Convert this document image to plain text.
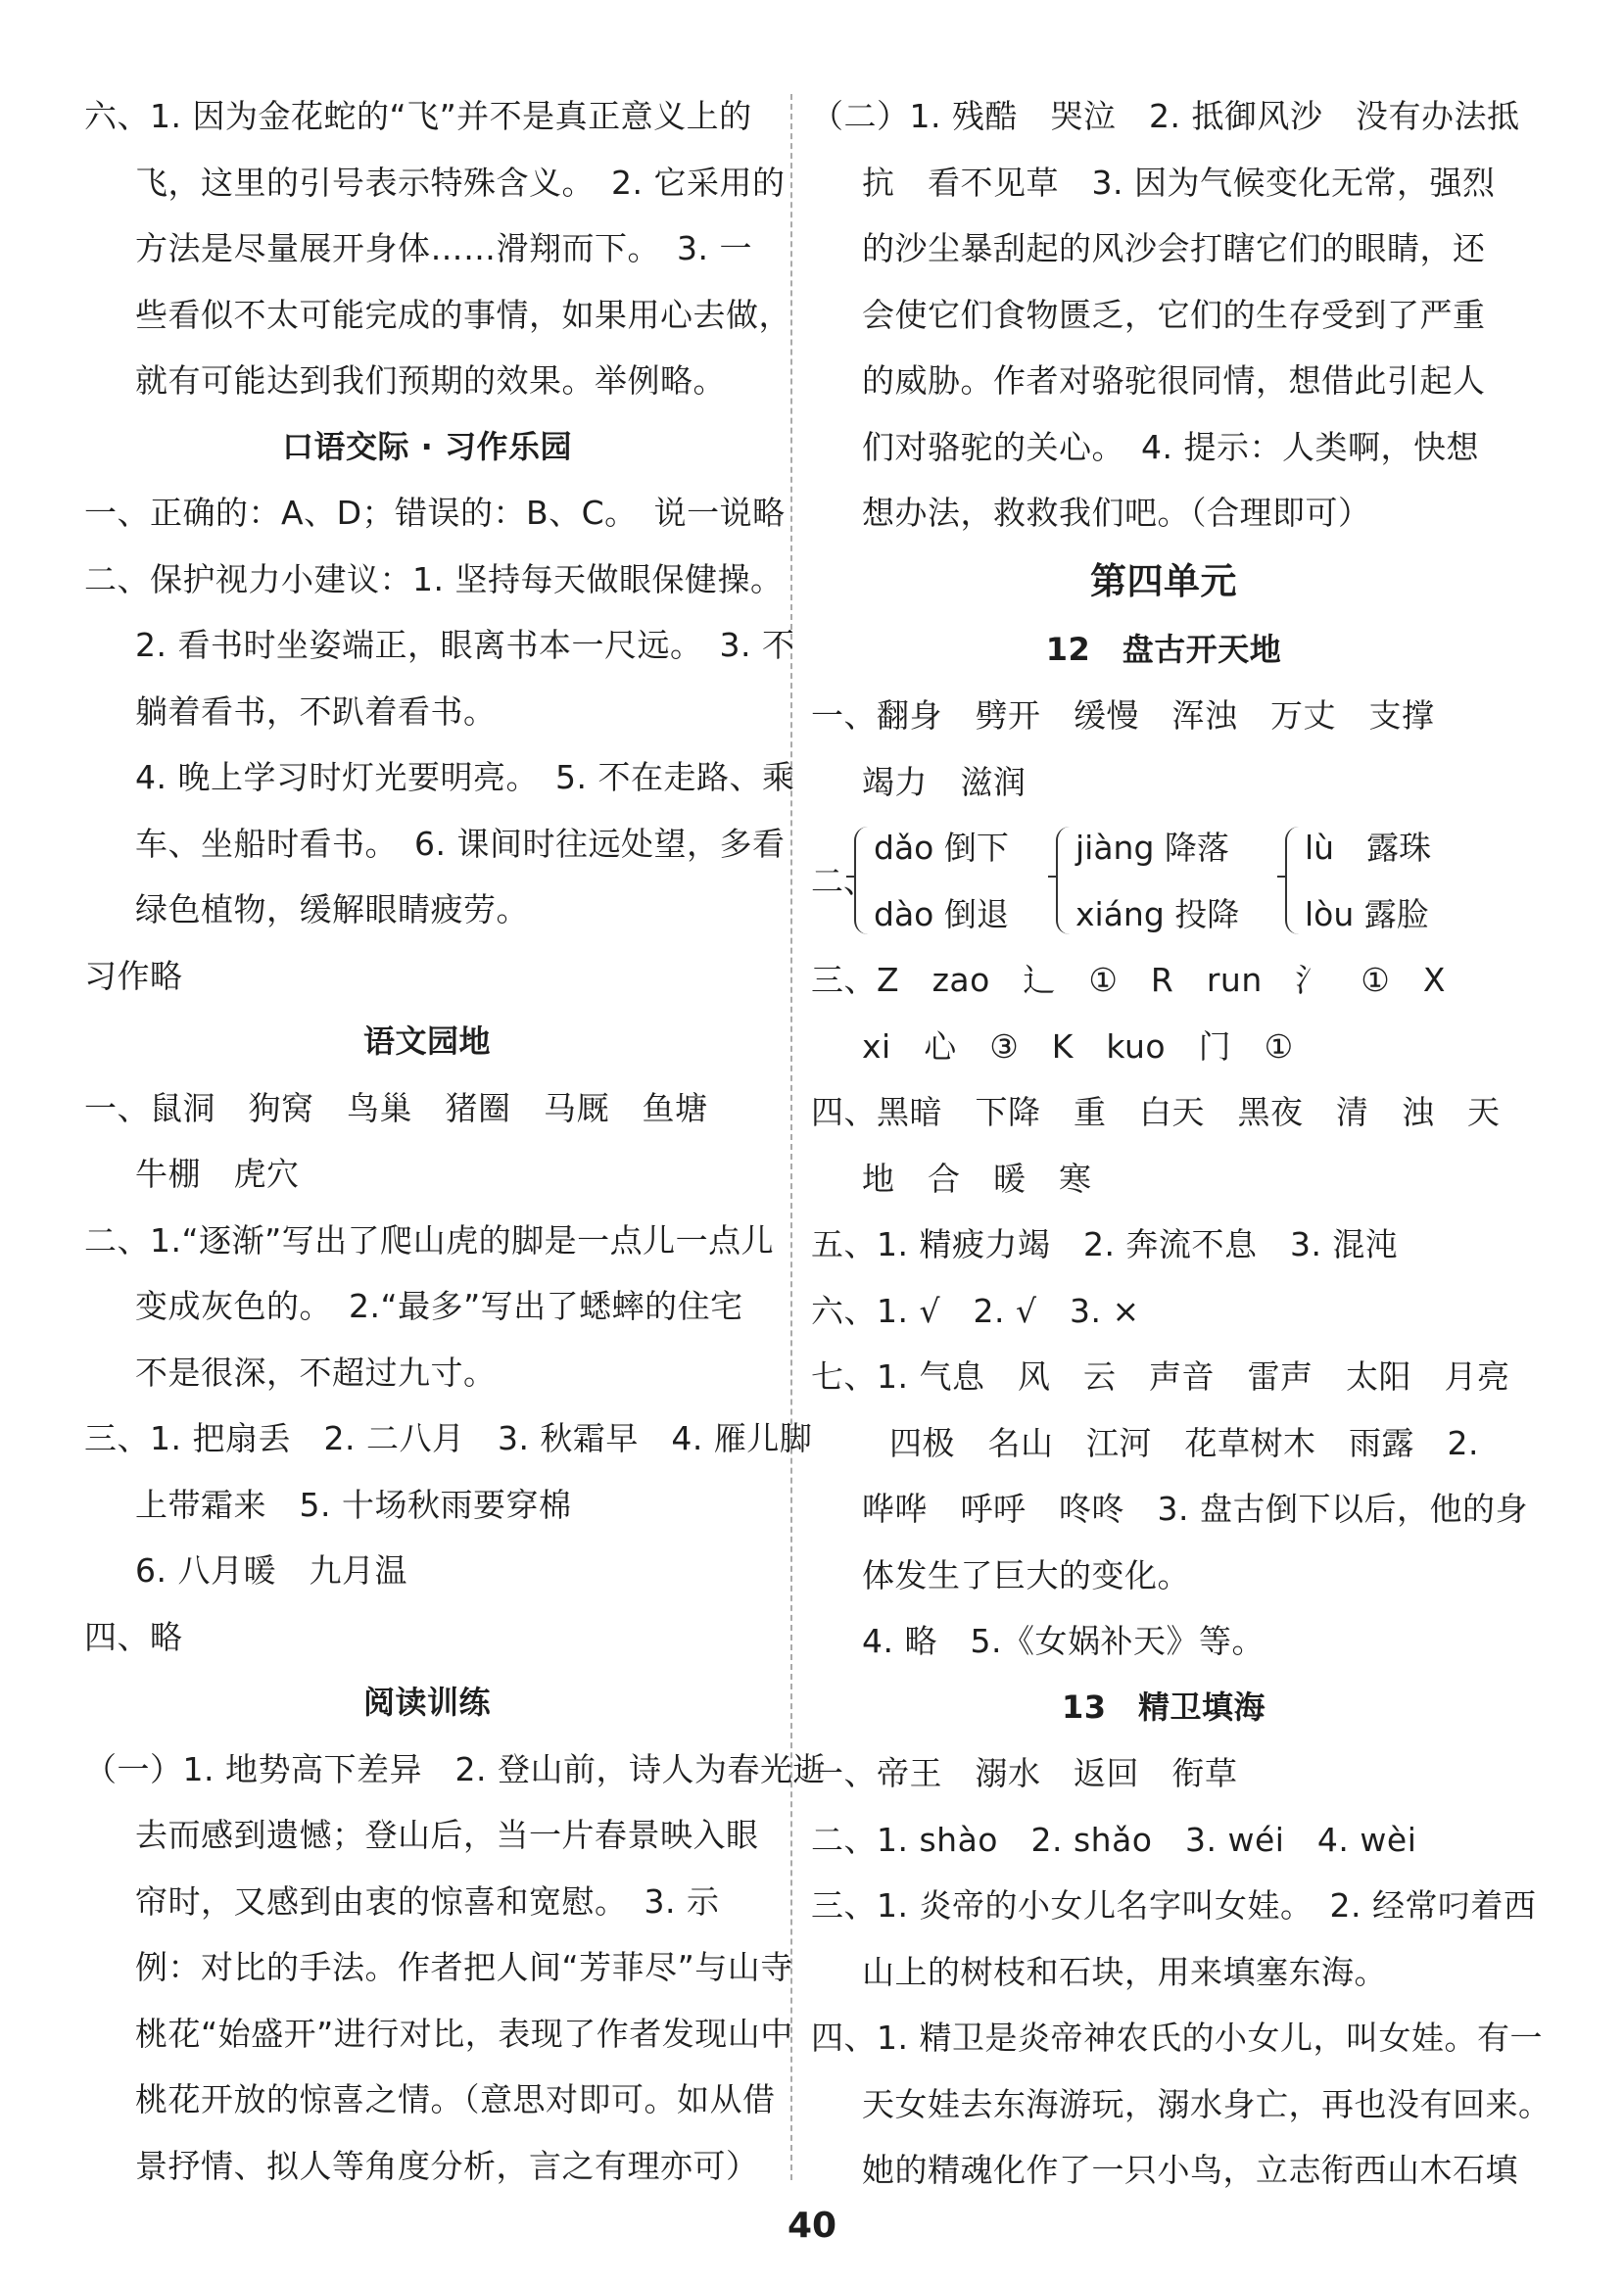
六、1. 因为金花蛇的“飞”并不是真正意义上的
飞，这里的引号表示特殊含义。　2. 它采用的
方法是尽量展开身体……滑翔而下。　3. 一
些看似不太可能完成的事情，如果用心去做，
就有可能达到我们预期的效果。举例略。
口语交际 · 习作乐园
一、正确的：A、D；错误的：B、C。　说一说略
二、保护视力小建议：1. 坚持每天做眼保健操。
2. 看书时坐姿端正，眼离书本一尺远。　3. 不
躺着看书，不趴着看书。
4. 晚上学习时灯光要明亮。　5. 不在走路、乘
车、坐船时看书。　6. 课间时往远处望，多看
绿色植物，缓解眼睛疲劳。
习作略
语文园地
一、鼠洞　狗窝　鸟巢　猪圈　马厩　鱼塘
牛棚　虎穴
二、1.“逐渐”写出了爬山虎的脚是一点儿一点儿
变成灰色的。　2.“最多”写出了蟋蟀的住宅
不是很深，不超过九寸。
三、1. 把扇丢　2. 二八月　3. 秋霜早　4. 雁儿脚
上带霜来　5. 十场秋雨要穿棉
6. 八月暖　九月温
四、略
阅读训练
（一）1. 地势高下差异　2. 登山前，诗人为春光逝
去而感到遗憾；登山后，当一片春景映入眼
帘时，又感到由衷的惊喜和宽慰。　3. 示
例：对比的手法。作者把人间“芳菲尽”与山寺
桃花“始盛开”进行对比，表现了作者发现山中
桃花开放的惊喜之情。（意思对即可。如从借
景抒情、拟人等角度分析，言之有理亦可）
（二）1. 残酷　哭泣　2. 抵御风沙　没有办法抵
抗　看不见草　3. 因为气候变化无常，强烈
的沙尘暴刮起的风沙会打瞎它们的眼睛，还
会使它们食物匮乏，它们的生存受到了严重
的威胁。作者对骆驼很同情，想借此引起人
们对骆驼的关心。　4. 提示：人类啊，快想
想办法，救救我们吧。（合理即可）
第四单元
12　盘古开天地
一、翻身　劈开　缓慢　浑浊　万丈　支撑
竭力　滋润
二、
dǎo 倒下
dào 倒退
jiàng 降落
xiáng 投降
lù　露珠
lòu 露脸
三、Z　zao　辶　①　R　run　氵　①　X
xi　心　③　K　kuo　门　①
四、黑暗　下降　重　白天　黑夜　清　浊　天
地　合　暖　寒
五、1. 精疲力竭　2. 奔流不息　3. 混沌
六、1. √　2. √　3. ×
七、1. 气息　风　云　声音　雷声　太阳　月亮
四极　名山　江河　花草树木　雨露　2.
哗哗　呼呼　咚咚　3. 盘古倒下以后，他的身
体发生了巨大的变化。
4. 略　5.《女娲补天》等。
13　精卫填海
一、帝王　溺水　返回　衔草
二、1. shào　2. shǎo　3. wéi　4. wèi
三、1. 炎帝的小女儿名字叫女娃。　2. 经常叼着西
山上的树枝和石块，用来填塞东海。
四、1. 精卫是炎帝神农氏的小女儿，叫女娃。有一
天女娃去东海游玩，溺水身亡，再也没有回来。
她的精魂化作了一只小鸟，立志衔西山木石填
40
